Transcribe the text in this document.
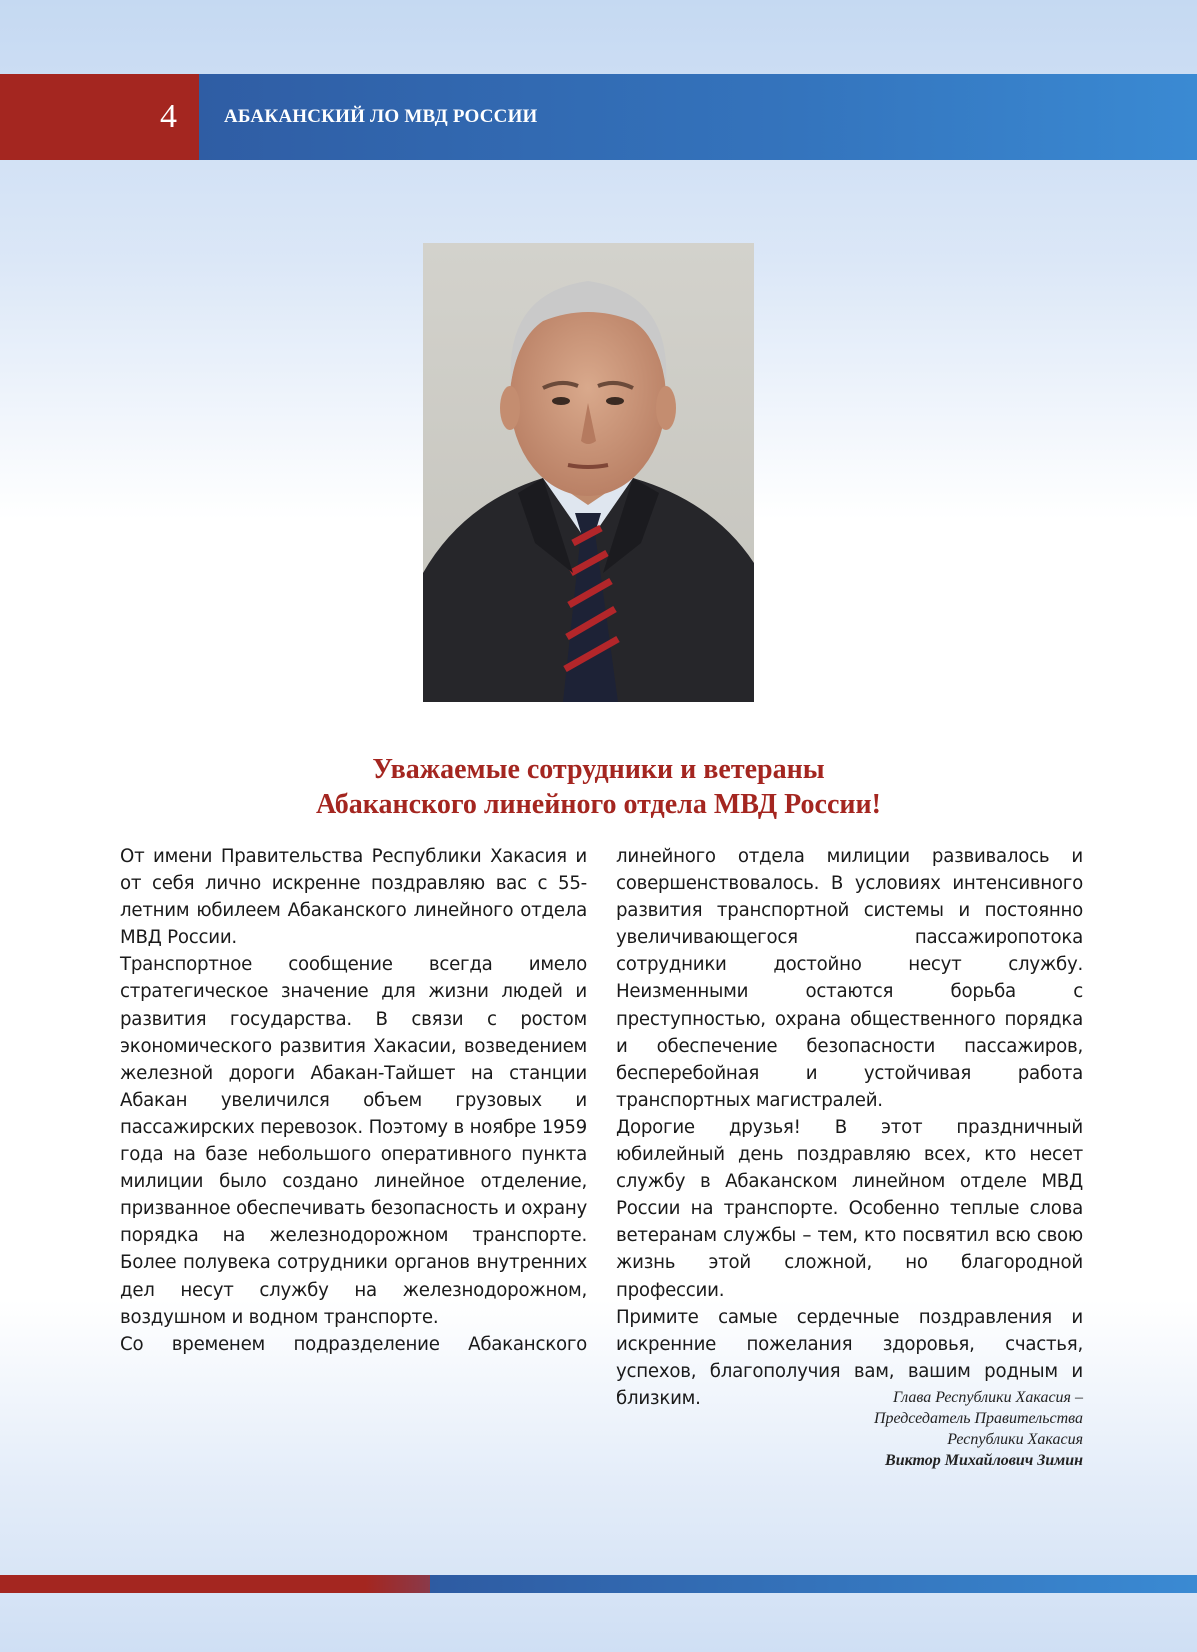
4 АБАКАНСКИЙ ЛО МВД РОССИИ
Уважаемые сотрудники и ветераны
Абаканского линейного отдела МВД России!

От имени Правительства Республики Хакасия и от себя лично искренне поздравляю вас с 55-летним юбилеем Абаканского линейного отдела МВД России.

Транспортное сообщение всегда имело стратегическое значение для жизни людей и развития государства. В связи с ростом экономического развития Хакасии, возведением железной дороги Абакан-Тайшет на станции Абакан увеличился объем грузовых и пассажирских перевозок. Поэтому в ноябре 1959 года на базе небольшого оперативного пункта милиции было создано линейное отделение, призванное обеспечивать безопасность и охрану порядка на железнодорожном транспорте. Более полувека сотрудники органов внутренних дел несут службу на железнодорожном, воздушном и водном транспорте.

Со временем подразделение Абаканского

линейного отдела милиции развивалось и совершенствовалось. В условиях интенсивного развития транспортной системы и постоянно увеличивающегося пассажиропотока сотрудники достойно несут службу. Неизменными остаются борьба с преступностью, охрана общественного порядка и обеспечение безопасности пассажиров, бесперебойная и устойчивая работа транспортных магистралей.

Дорогие друзья! В этот праздничный юбилейный день поздравляю всех, кто несет службу в Абаканском линейном отделе МВД России на транспорте. Особенно теплые слова ветеранам службы – тем, кто посвятил всю свою жизнь этой сложной, но благородной профессии.

Примите самые сердечные поздравления и искренние пожелания здоровья, счастья, успехов, благополучия вам, вашим родным и близким.	Глава Республики Хакасия –
Председатель Правительства
Республики Хакасия
Виктор Михайлович Зимин
